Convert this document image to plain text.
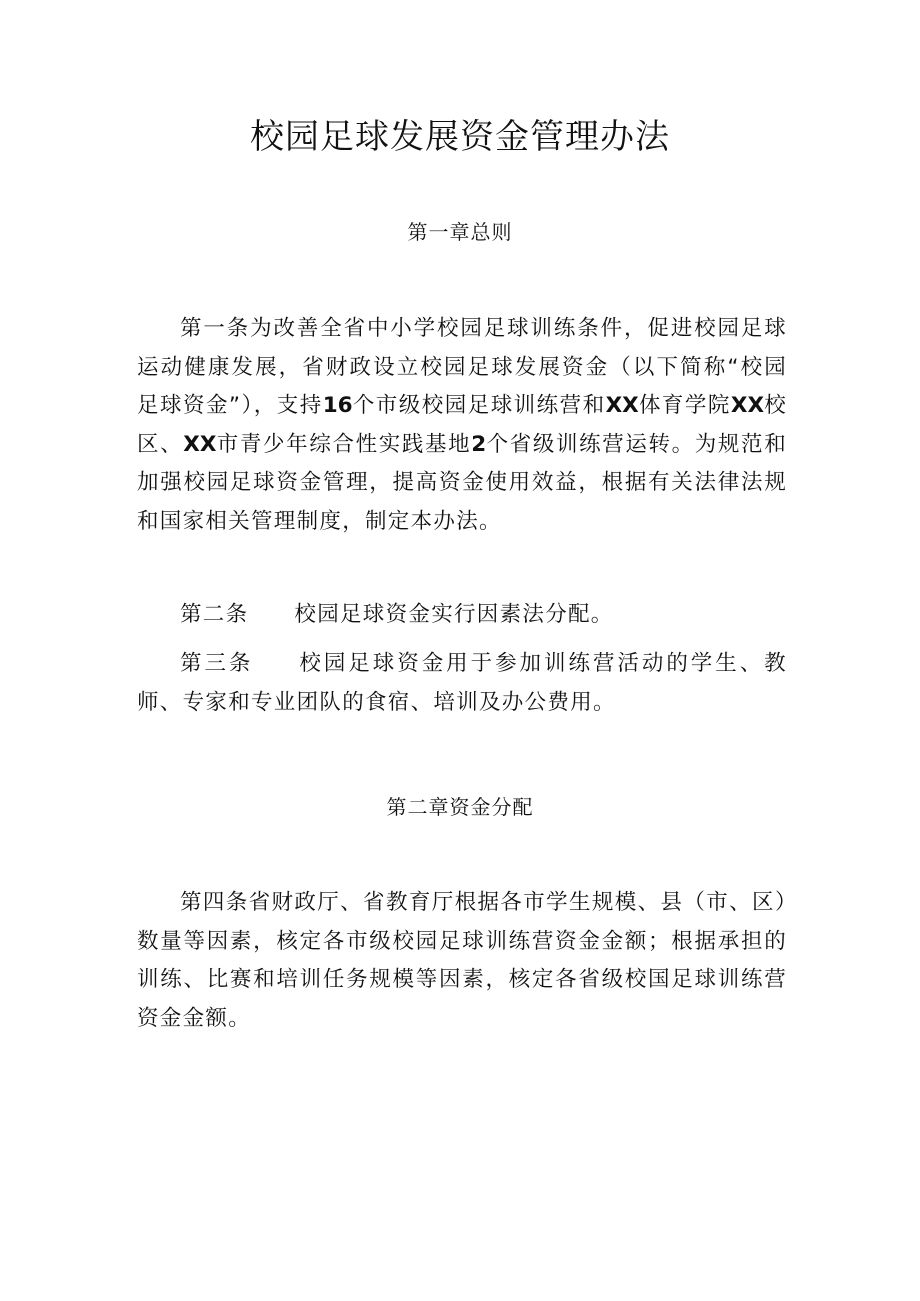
校园足球发展资金管理办法
第一章总则

第一条为改善全省中小学校园足球训练条件，促进校园足球运动健康发展，省财政设立校园足球发展资金（以下简称“校园足球资金”），支持16个市级校园足球训练营和XX体育学院XX校区、XX市青少年综合性实践基地2个省级训练营运转。为规范和加强校园足球资金管理，提高资金使用效益，根据有关法律法规和国家相关管理制度，制定本办法。

第二条 校园足球资金实行因素法分配。

第三条 校园足球资金用于参加训练营活动的学生、教师、专家和专业团队的食宿、培训及办公费用。

第二章资金分配

第四条省财政厅、省教育厅根据各市学生规模、县（市、区）数量等因素，核定各市级校园足球训练营资金金额；根据承担的训练、比赛和培训任务规模等因素，核定各省级校国足球训练营资金金额。
